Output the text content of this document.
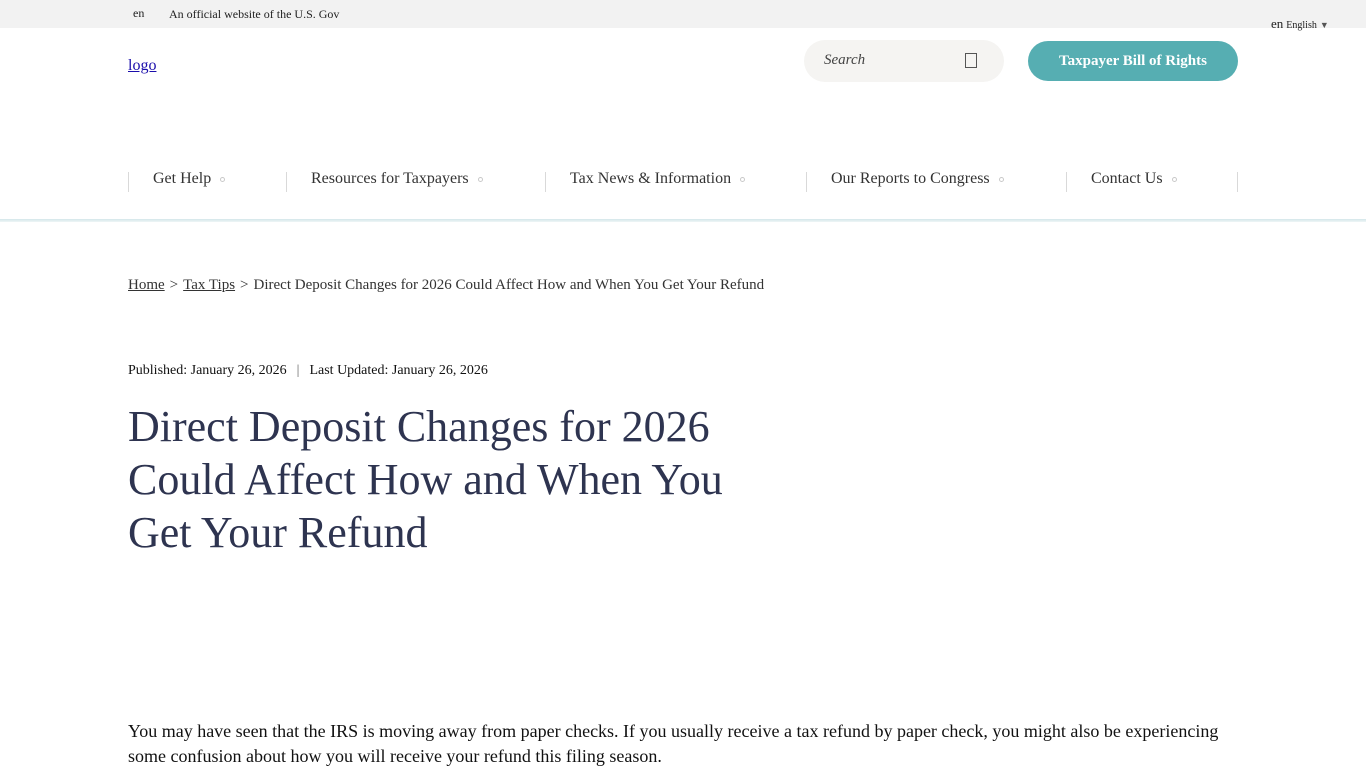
en An official website of the U.S. Gov
en English ▼
logo	Search	Taxpayer Bill of Rights
Get Help	Resources for Taxpayers	Tax News & Information	Our Reports to Congress	Contact Us
Home > Tax Tips > Direct Deposit Changes for 2026 Could Affect How and When You Get Your Refund
Published: January 26, 2026 | Last Updated: January 26, 2026
Direct Deposit Changes for 2026 Could Affect How and When You Get Your Refund

You may have seen that the IRS is moving away from paper checks. If you usually receive a tax refund by paper check, you might also be experiencing some confusion about how you will receive your refund this filing season.
